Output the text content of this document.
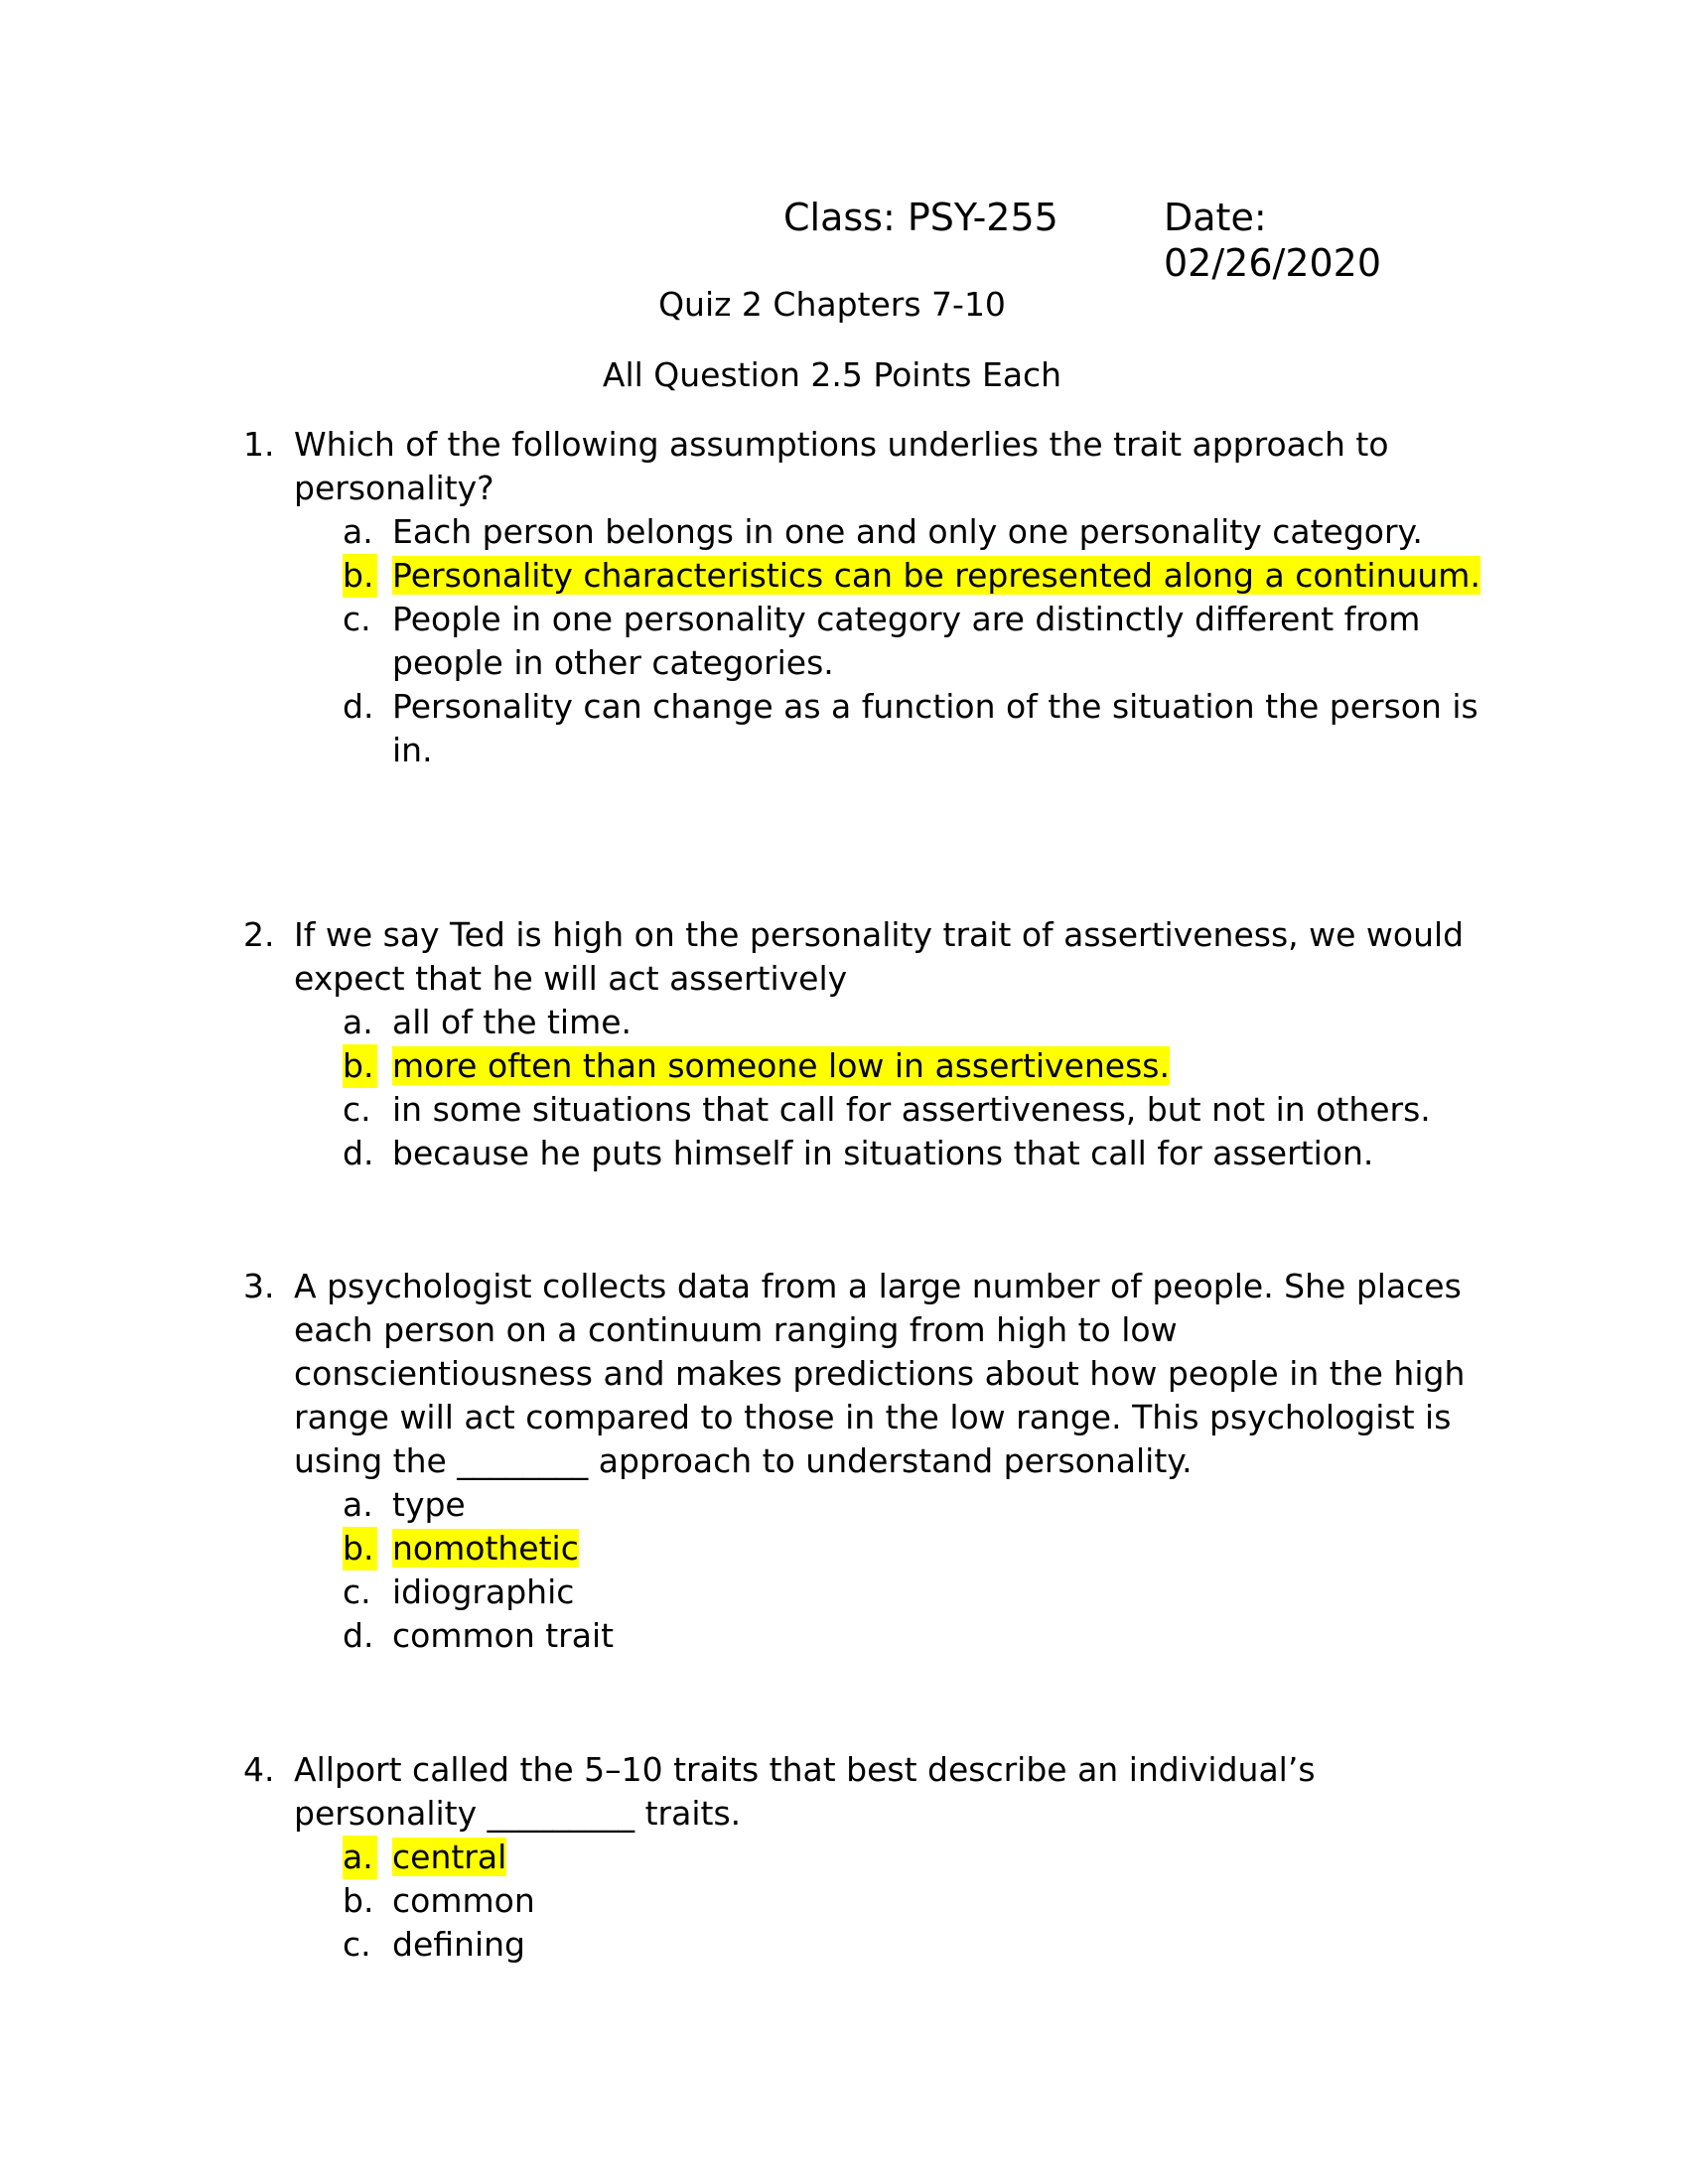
Class: PSY-255	Date: 02/26/2020
Quiz 2 Chapters 7-10
All Question 2.5 Points Each
1. Which of the following assumptions underlies the trait approach to personality?
a. Each person belongs in one and only one personality category.
b. Personality characteristics can be represented along a continuum.
c. People in one personality category are distinctly different from people in other categories.
d. Personality can change as a function of the situation the person is in.
2. If we say Ted is high on the personality trait of assertiveness, we would expect that he will act assertively
a. all of the time.
b. more often than someone low in assertiveness.
c. in some situations that call for assertiveness, but not in others.
d. because he puts himself in situations that call for assertion.
3. A psychologist collects data from a large number of people. She places each person on a continuum ranging from high to low conscientiousness and makes predictions about how people in the high range will act compared to those in the low range. This psychologist is using the ________ approach to understand personality.
a. type
b. nomothetic
c. idiographic
d. common trait
4. Allport called the 5–10 traits that best describe an individual’s personality _________ traits.
a. central
b. common
c. defining
